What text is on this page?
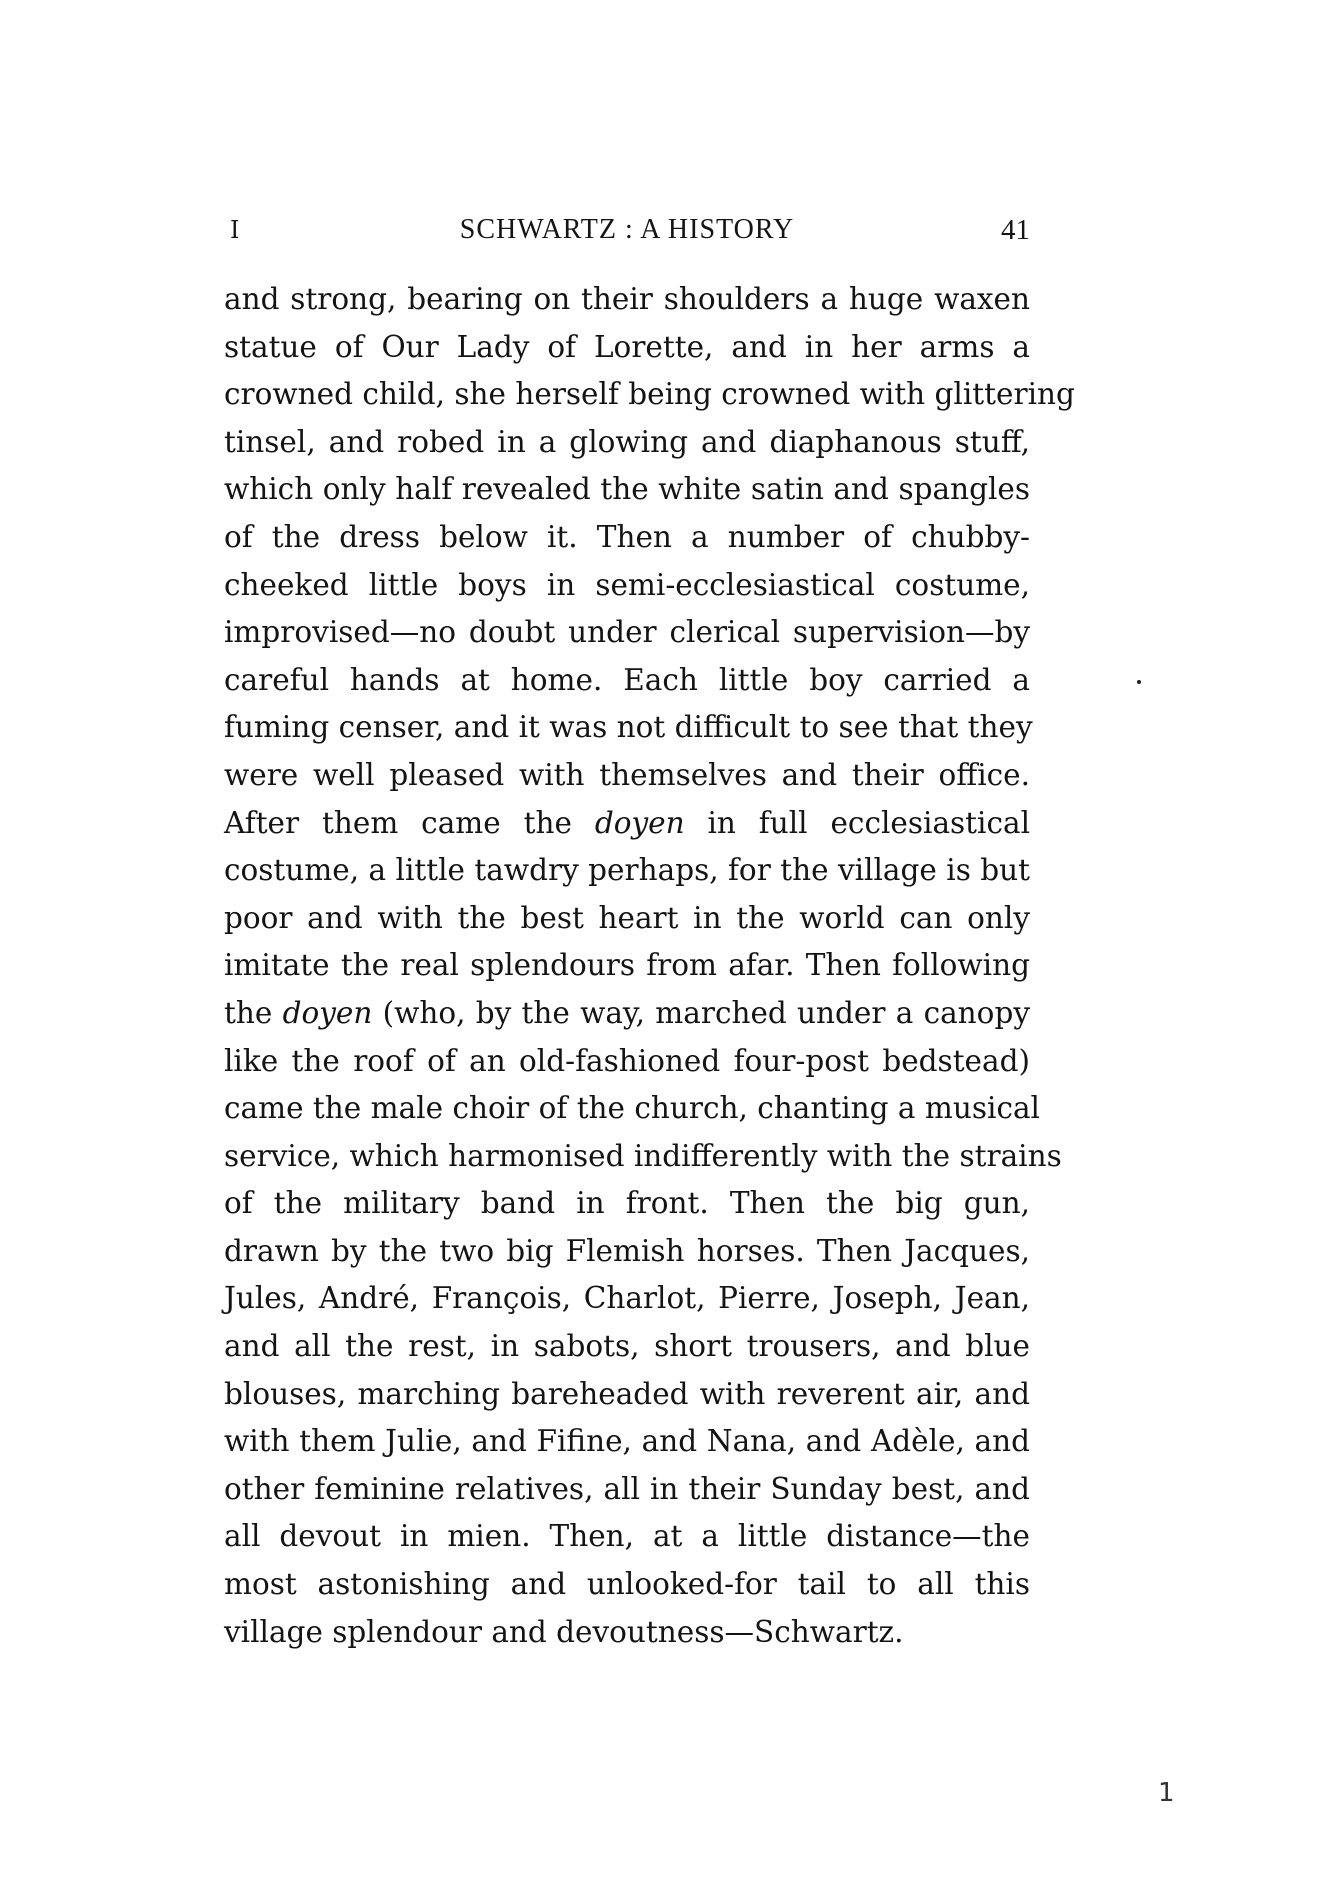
I	SCHWARTZ : A HISTORY	41
and strong, bearing on their shoulders a huge waxen
statue of Our Lady of Lorette, and in her arms a
crowned child, she herself being crowned with glittering
tinsel, and robed in a glowing and diaphanous stuff,
which only half revealed the white satin and spangles
of the dress below it. Then a number of chubby-
cheeked little boys in semi-ecclesiastical costume,
improvised—no doubt under clerical supervision—by
careful hands at home. Each little boy carried a
fuming censer, and it was not difficult to see that they
were well pleased with themselves and their office.
After them came the doyen in full ecclesiastical
costume, a little tawdry perhaps, for the village is but
poor and with the best heart in the world can only
imitate the real splendours from afar. Then following
the doyen (who, by the way, marched under a canopy
like the roof of an old-fashioned four-post bedstead)
came the male choir of the church, chanting a musical
service, which harmonised indifferently with the strains
of the military band in front. Then the big gun,
drawn by the two big Flemish horses. Then Jacques,
Jules, André, François, Charlot, Pierre, Joseph, Jean,
and all the rest, in sabots, short trousers, and blue
blouses, marching bareheaded with reverent air, and
with them Julie, and Fifine, and Nana, and Adèle, and
other feminine relatives, all in their Sunday best, and
all devout in mien. Then, at a little distance—the
most astonishing and unlooked-for tail to all this
village splendour and devoutness—Schwartz.
1
